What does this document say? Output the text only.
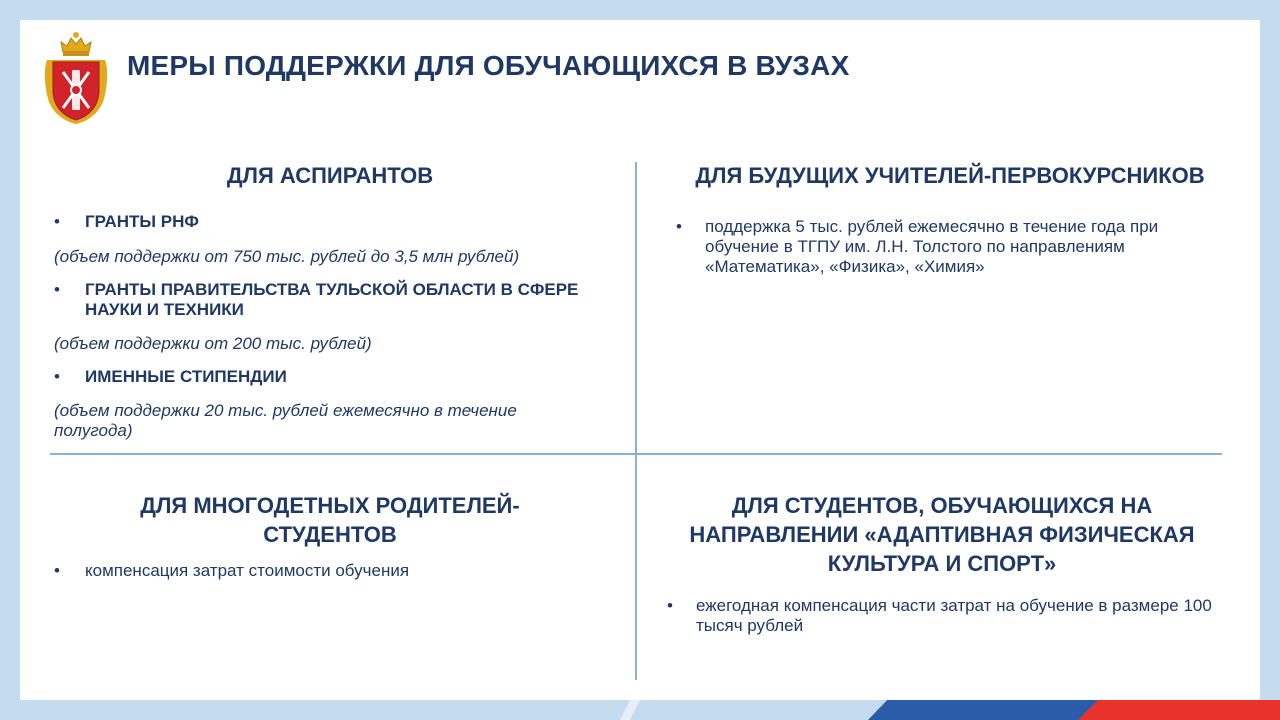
МЕРЫ ПОДДЕРЖКИ ДЛЯ ОБУЧАЮЩИХСЯ В ВУЗАХ
ДЛЯ АСПИРАНТОВ
•	ГРАНТЫ РНФ
(объем поддержки от 750 тыс. рублей до 3,5 млн рублей)
•	ГРАНТЫ ПРАВИТЕЛЬСТВА ТУЛЬСКОЙ ОБЛАСТИ В СФЕРЕ НАУКИ И ТЕХНИКИ
(объем поддержки от 200 тыс. рублей)
•	ИМЕННЫЕ СТИПЕНДИИ
(объем поддержки 20 тыс. рублей ежемесячно в течение полугода)
ДЛЯ БУДУЩИХ УЧИТЕЛЕЙ-ПЕРВОКУРСНИКОВ
•	поддержка 5 тыс. рублей ежемесячно в течение года при обучение в ТГПУ им. Л.Н. Толстого по направлениям «Математика», «Физика», «Химия»
ДЛЯ МНОГОДЕТНЫХ РОДИТЕЛЕЙ-СТУДЕНТОВ
•	компенсация затрат стоимости обучения
ДЛЯ СТУДЕНТОВ, ОБУЧАЮЩИХСЯ НА НАПРАВЛЕНИИ «АДАПТИВНАЯ ФИЗИЧЕСКАЯ КУЛЬТУРА И СПОРТ»
•	ежегодная компенсация части затрат на обучение в размере 100 тысяч рублей
